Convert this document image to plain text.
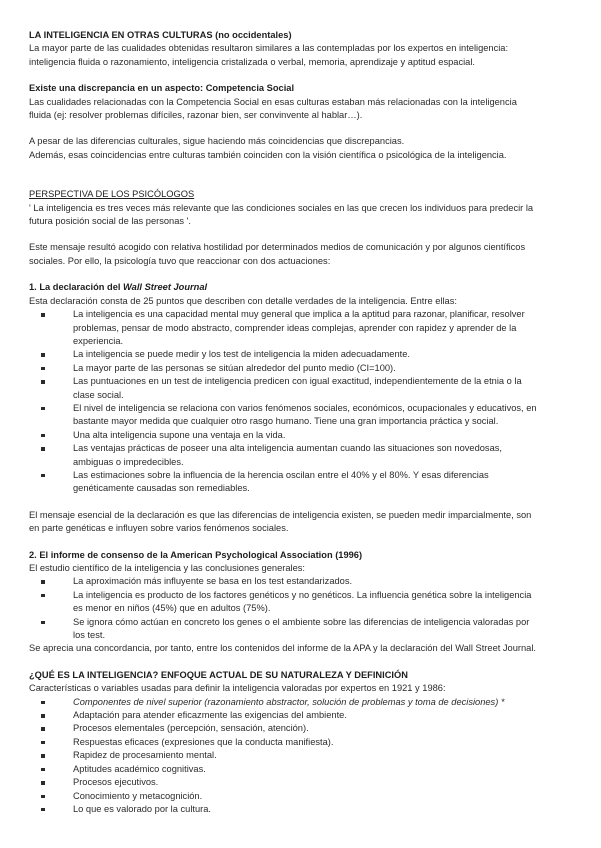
LA INTELIGENCIA EN OTRAS CULTURAS (no occidentales)

La mayor parte de las cualidades obtenidas resultaron similares a las contempladas por los expertos en inteligencia:

inteligencia fluida o razonamiento, inteligencia cristalizada o verbal, memoria, aprendizaje y aptitud espacial.

Existe una discrepancia en un aspecto: Competencia Social

Las cualidades relacionadas con la Competencia Social en esas culturas estaban más relacionadas con la inteligencia

fluida (ej: resolver problemas difíciles, razonar bien, ser convinvente al hablar…).

A pesar de las diferencias culturales, sigue haciendo más coincidencias que discrepancias.

Además, esas coincidencias entre culturas también coinciden con la visión científica o psicológica de la inteligencia.

PERSPECTIVA DE LOS PSICÓLOGOS

' La inteligencia es tres veces más relevante que las condiciones sociales en las que crecen los individuos para predecir la

futura posición social de las personas '.

Este mensaje resultó acogido con relativa hostilidad por determinados medios de comunicación y por algunos científicos

sociales. Por ello, la psicología tuvo que reaccionar con dos actuaciones:

1. La declaración del Wall Street Journal

Esta declaración consta de 25 puntos que describen con detalle verdades de la inteligencia. Entre ellas:

La inteligencia es una capacidad mental muy general que implica a la aptitud para razonar, planificar, resolver
problemas, pensar de modo abstracto, comprender ideas complejas, aprender con rapidez y aprender de la
experiencia.
La inteligencia se puede medir y los test de inteligencia la miden adecuadamente.
La mayor parte de las personas se sitúan alrededor del punto medio (CI=100).
Las puntuaciones en un test de inteligencia predicen con igual exactitud, independientemente de la etnia o la
clase social.
El nivel de inteligencia se relaciona con varios fenómenos sociales, económicos, ocupacionales y educativos, en
bastante mayor medida que cualquier otro rasgo humano. Tiene una gran importancia práctica y social.
Una alta inteligencia supone una ventaja en la vida.
Las ventajas prácticas de poseer una alta inteligencia aumentan cuando las situaciones son novedosas,
ambiguas o impredecibles.
Las estimaciones sobre la influencia de la herencia oscilan entre el 40% y el 80%. Y esas diferencias
genéticamente causadas son remediables.

El mensaje esencial de la declaración es que las diferencias de inteligencia existen, se pueden medir imparcialmente, son

en parte genéticas e influyen sobre varios fenómenos sociales.

2. El informe de consenso de la American Psychological Association (1996)

El estudio científico de la inteligencia y las conclusiones generales:

La aproximación más influyente se basa en los test estandarizados.
La inteligencia es producto de los factores genéticos y no genéticos. La influencia genética sobre la inteligencia
es menor en niños (45%) que en adultos (75%).
Se ignora cómo actúan en concreto los genes o el ambiente sobre las diferencias de inteligencia valoradas por
los test.

Se aprecia una concordancia, por tanto, entre los contenidos del informe de la APA y la declaración del Wall Street Journal.

¿QUÉ ES LA INTELIGENCIA? ENFOQUE ACTUAL DE SU NATURALEZA Y DEFINICIÓN

Características o variables usadas para definir la inteligencia valoradas por expertos en 1921 y 1986:

Componentes de nivel superior (razonamiento abstractor, solución de problemas y toma de decisiones) *
Adaptación para atender eficazmente las exigencias del ambiente.
Procesos elementales (percepción, sensación, atención).
Respuestas eficaces (expresiones que la conducta manifiesta).
Rapidez de procesamiento mental.
Aptitudes académico cognitivas.
Procesos ejecutivos.
Conocimiento y metacognición.
Lo que es valorado por la cultura.
